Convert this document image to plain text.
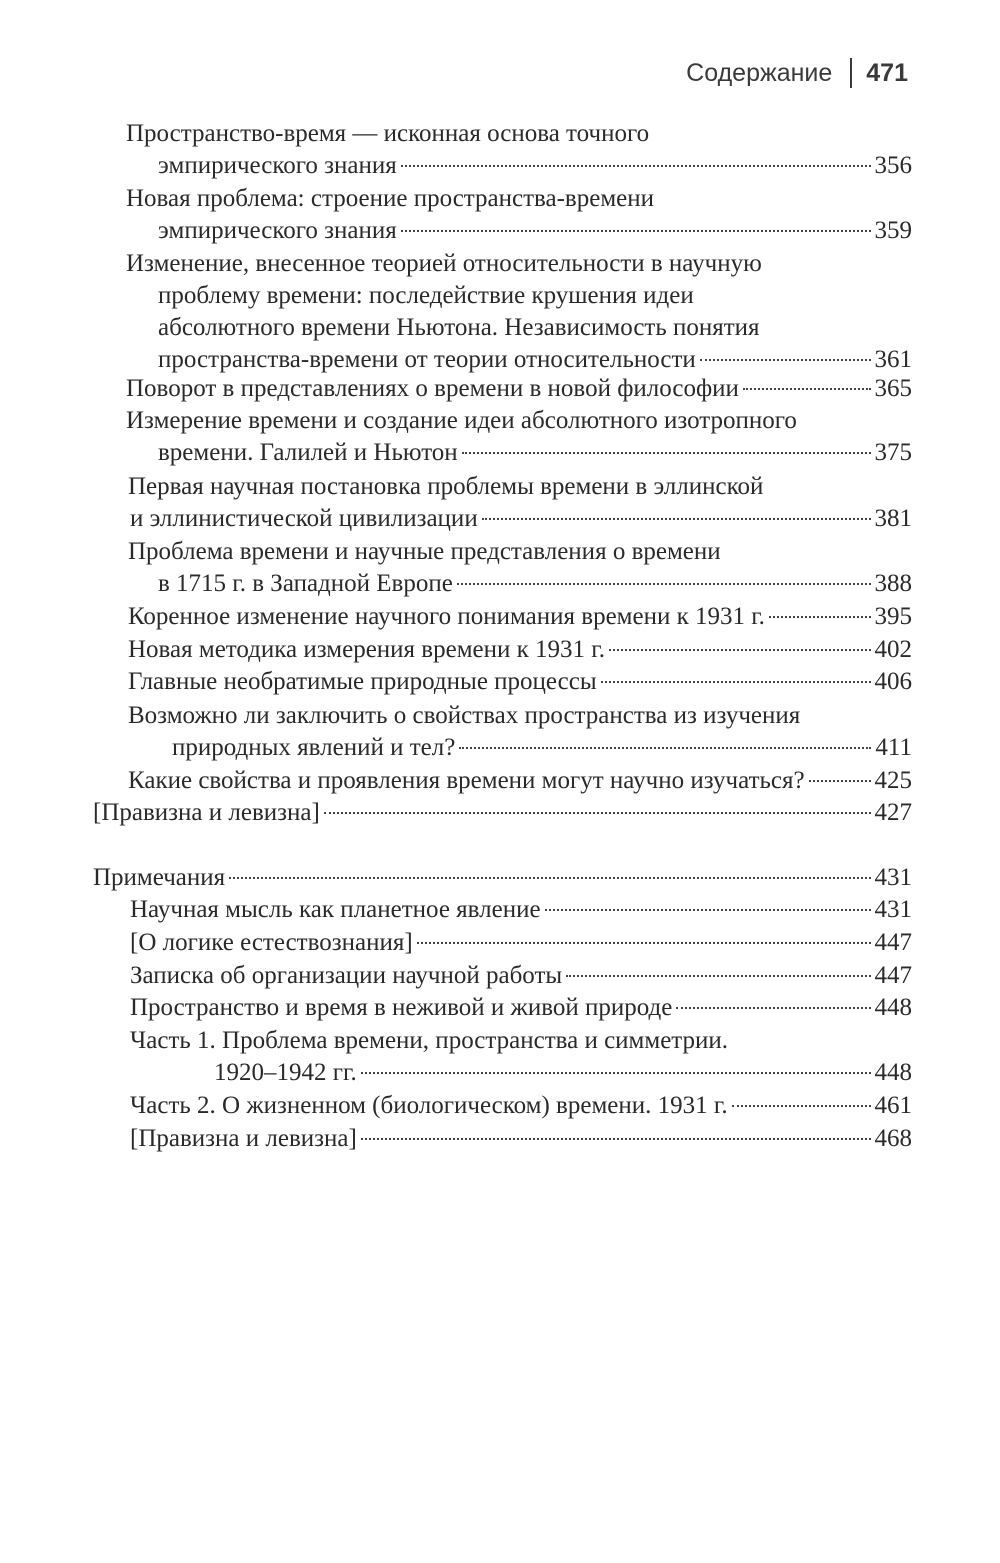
Содержание 471
Пространство-время — исконная основа точного
эмпирического знания	356
Новая проблема: строение пространства-времени
эмпирического знания	359
Изменение, внесенное теорией относительности в научную
проблему времени: последействие крушения идеи
абсолютного времени Ньютона. Независимость понятия
пространства-времени от теории относительности	361
Поворот в представлениях о времени в новой философии	365
Измерение времени и создание идеи абсолютного изотропного
времени. Галилей и Ньютон	375
Первая научная постановка проблемы времени в эллинской
и эллинистической цивилизации	381
Проблема времени и научные представления о времени
в 1715 г. в Западной Европе	388
Коренное изменение научного понимания времени к 1931 г.	395
Новая методика измерения времени к 1931 г.	402
Главные необратимые природные процессы	406
Возможно ли заключить о свойствах пространства из изучения
природных явлений и тел?	411
Какие свойства и проявления времени могут научно изучаться?	425
[Правизна и левизна]	427
Примечания	431
Научная мысль как планетное явление	431
[О логике естествознания]	447
Записка об организации научной работы	447
Пространство и время в неживой и живой природе	448
Часть 1. Проблема времени, пространства и симметрии.
1920–1942 гг.	448
Часть 2. О жизненном (биологическом) времени. 1931 г.	461
[Правизна и левизна]	468
